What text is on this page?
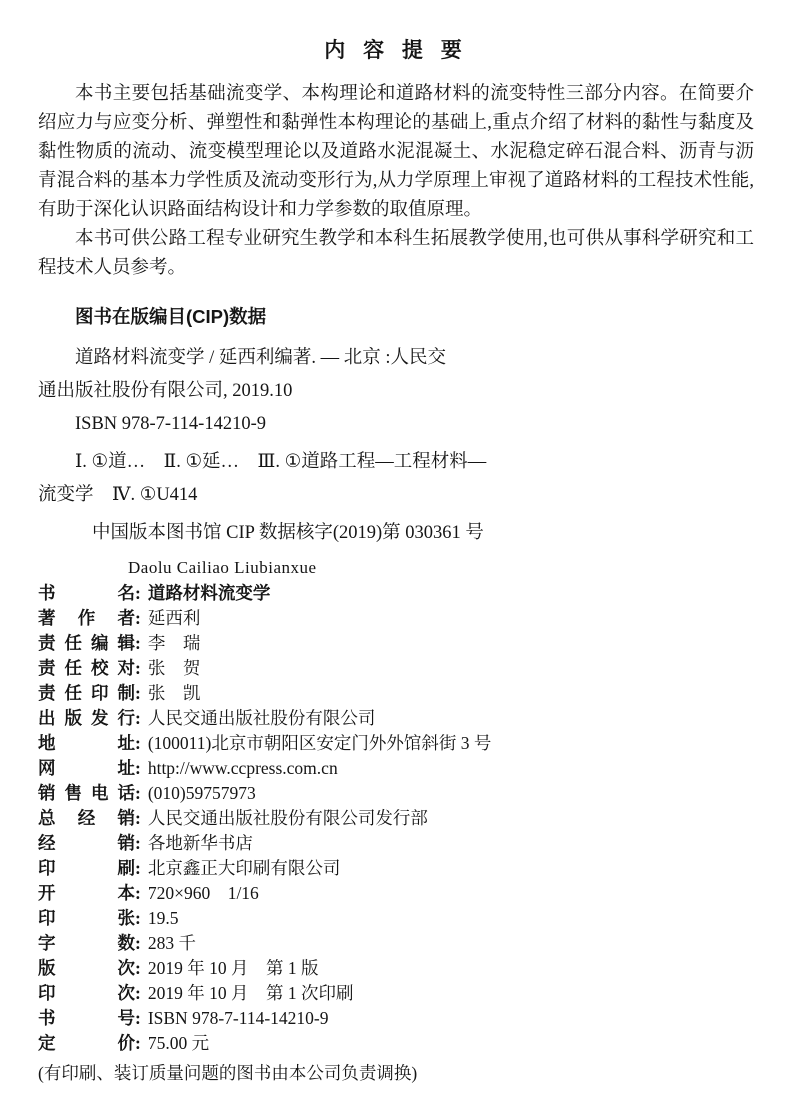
内 容 提 要

本书主要包括基础流变学、本构理论和道路材料的流变特性三部分内容。在简要介绍应力与应变分析、弹塑性和黏弹性本构理论的基础上,重点介绍了材料的黏性与黏度及黏性物质的流动、流变模型理论以及道路水泥混凝土、水泥稳定碎石混合料、沥青与沥青混合料的基本力学性质及流动变形行为,从力学原理上审视了道路材料的工程技术性能,有助于深化认识路面结构设计和力学参数的取值原理。

本书可供公路工程专业研究生教学和本科生拓展教学使用,也可供从事科学研究和工程技术人员参考。

图书在版编目(CIP)数据
道路材料流变学 / 延西利编著. — 北京 :人民交
通出版社股份有限公司, 2019.10
ISBN 978-7-114-14210-9
Ⅰ. ①道…　Ⅱ. ①延…　Ⅲ. ①道路工程—工程材料—
流变学　Ⅳ. ①U414
中国版本图书馆 CIP 数据核字(2019)第 030361 号
Daolu Cailiao Liubianxue
书	名 : 道路材料流变学
著 作 者 : 延西利
责 任 编 辑 : 李　瑞
责 任 校 对 : 张　贺
责 任 印 制 : 张　凯
出 版 发 行 : 人民交通出版社股份有限公司
地	址 : (100011)北京市朝阳区安定门外外馆斜街 3 号
网	址 : http://www.ccpress.com.cn
销 售 电 话 : (010)59757973
总 经 销 : 人民交通出版社股份有限公司发行部
经	销 : 各地新华书店
印	刷 : 北京鑫正大印刷有限公司
开	本 : 720×960　1/16
印	张 : 19.5
字	数 : 283 千
版	次 : 2019 年 10 月　第 1 版
印	次 : 2019 年 10 月　第 1 次印刷
书	号 : ISBN 978-7-114-14210-9
定	价 : 75.00 元
(有印刷、装订质量问题的图书由本公司负责调换)
